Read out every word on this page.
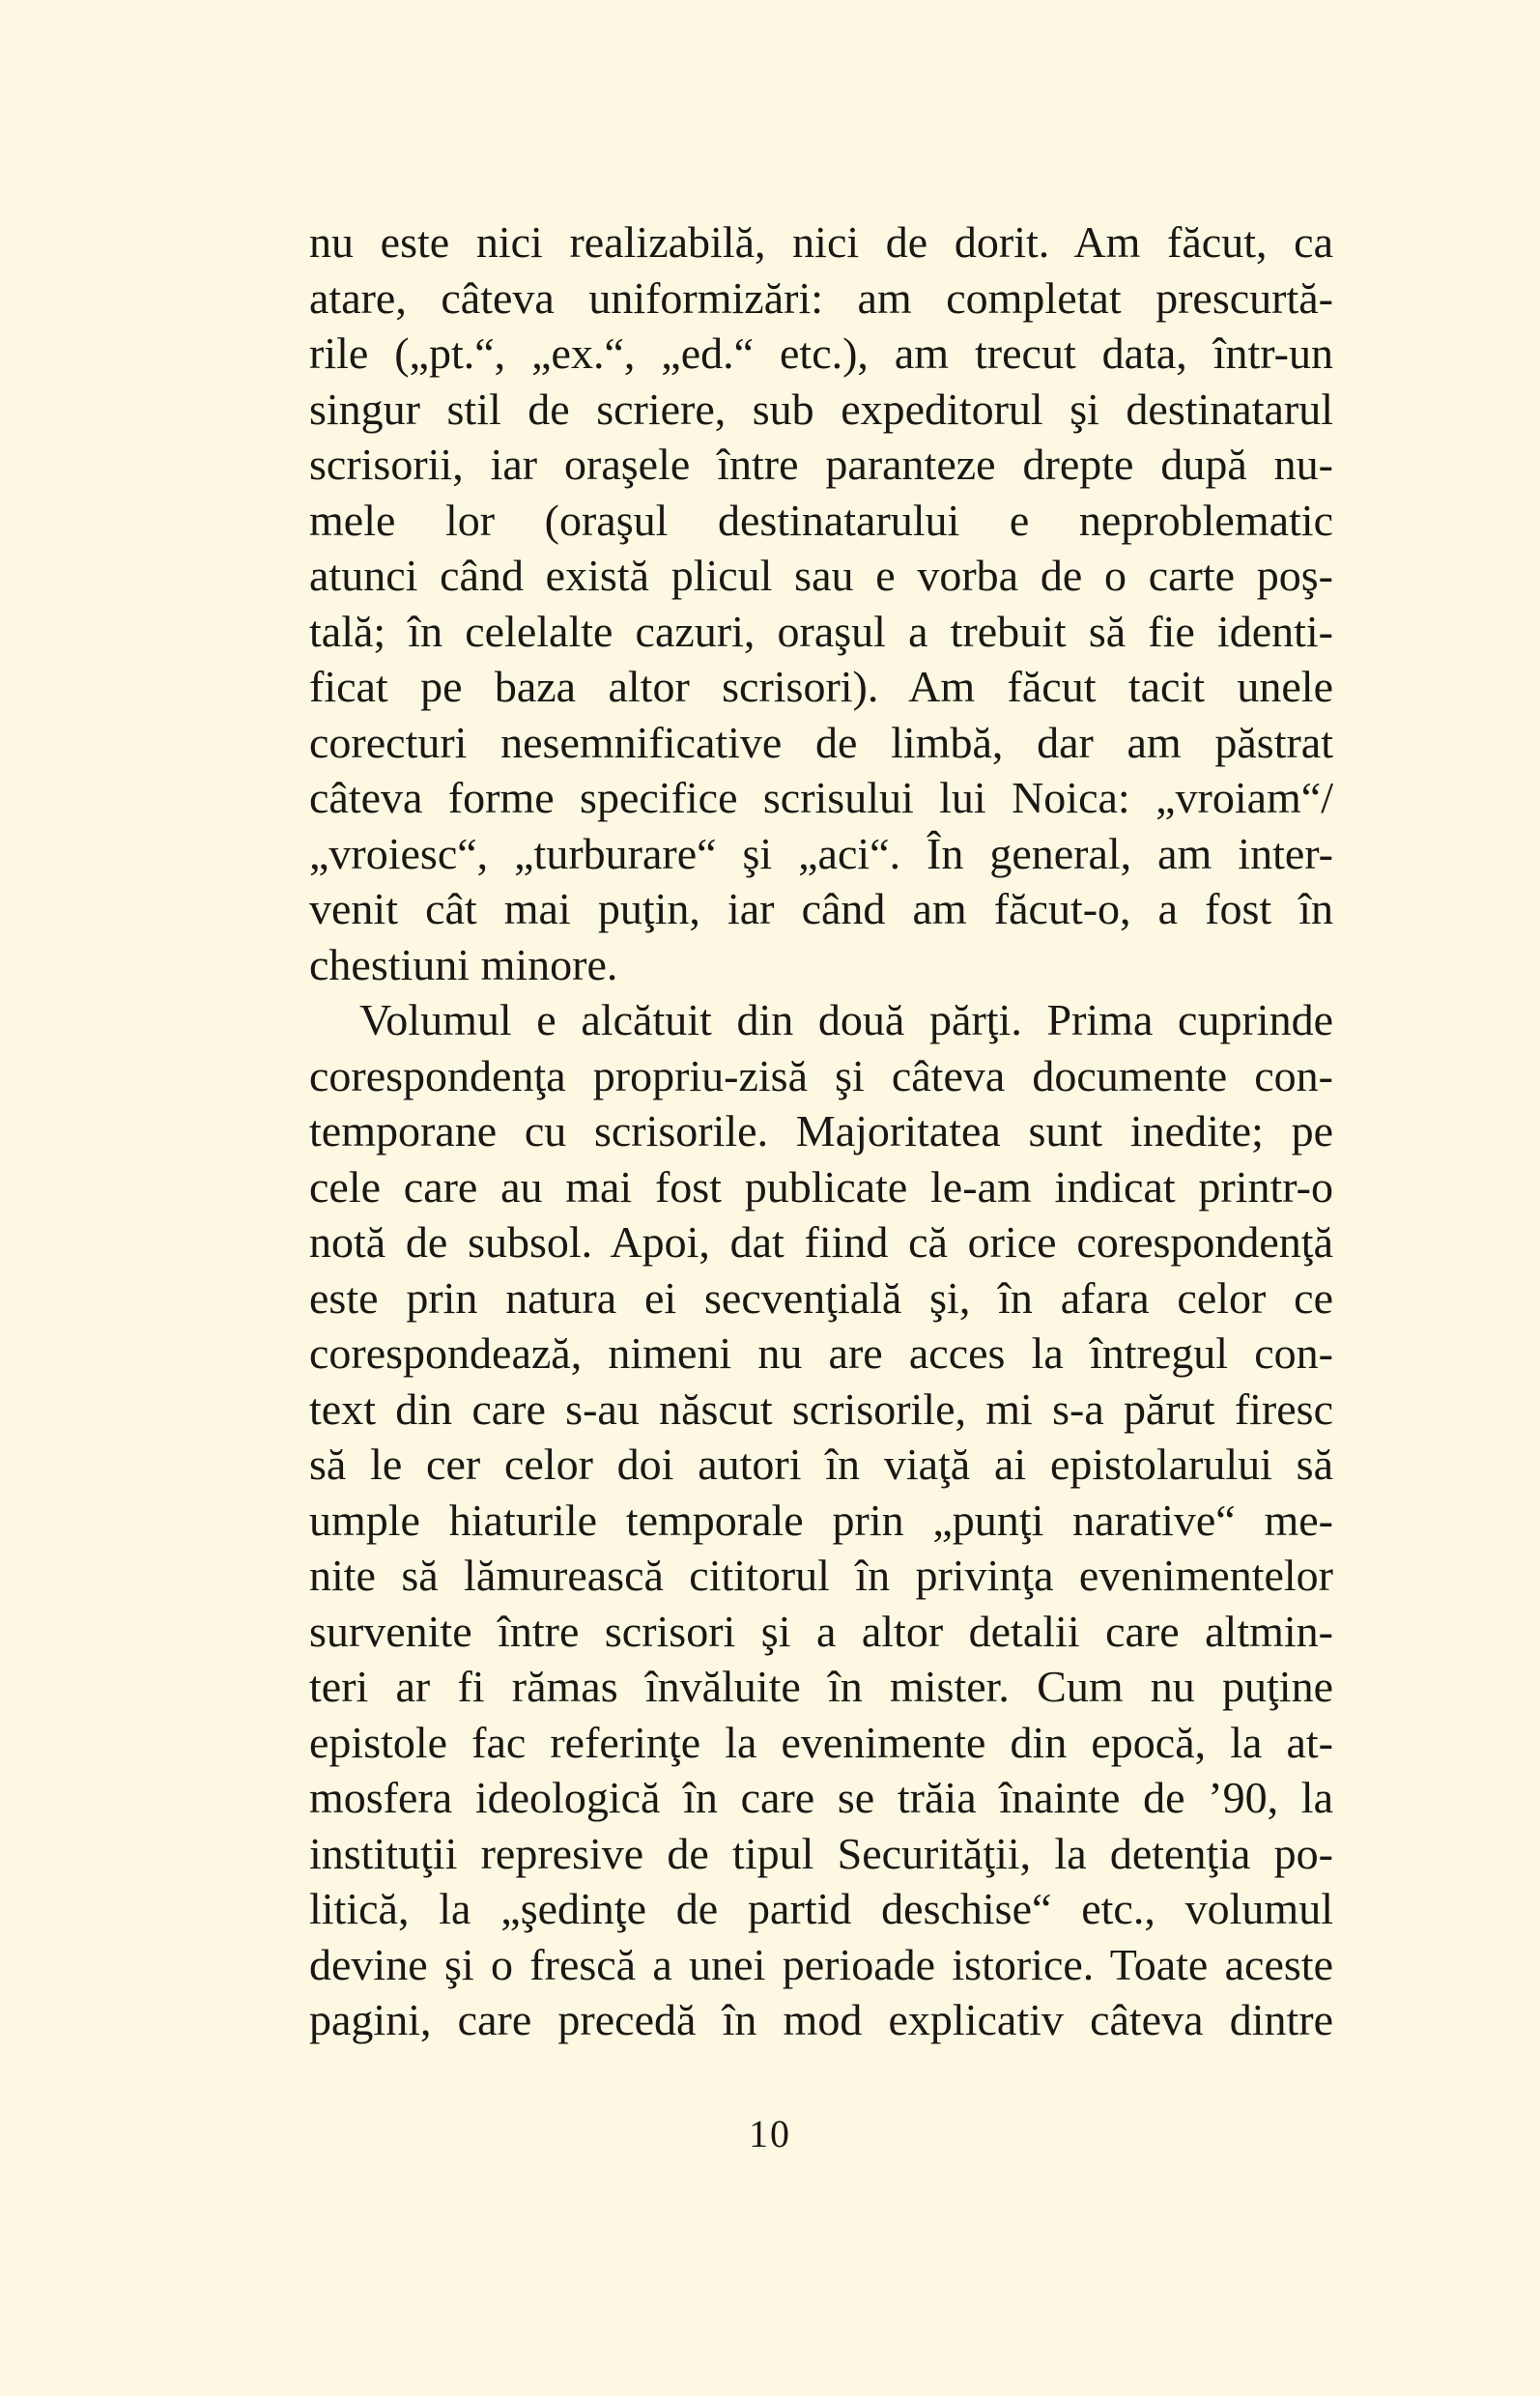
nu este nici realizabilă, nici de dorit. Am făcut, ca
atare, câteva uniformizări: am completat prescurtă-
rile („pt.“, „ex.“, „ed.“ etc.), am trecut data, într-un
singur stil de scriere, sub expeditorul şi destinatarul
scrisorii, iar oraşele între paranteze drepte după nu-
mele lor (oraşul destinatarului e neproblematic
atunci când există plicul sau e vorba de o carte poş-
tală; în celelalte cazuri, oraşul a trebuit să fie identi-
ficat pe baza altor scrisori). Am făcut tacit unele
corecturi nesemnificative de limbă, dar am păstrat
câteva forme specifice scrisului lui Noica: „vroiam“/
„vroiesc“, „turburare“ şi „aci“. În general, am inter-
venit cât mai puţin, iar când am făcut-o, a fost în
chestiuni minore.
Volumul e alcătuit din două părţi. Prima cuprinde
corespondenţa propriu-zisă şi câteva documente con-
temporane cu scrisorile. Majoritatea sunt inedite; pe
cele care au mai fost publicate le-am indicat printr-o
notă de subsol. Apoi, dat fiind că orice corespondenţă
este prin natura ei secvenţială şi, în afara celor ce
corespondează, nimeni nu are acces la întregul con-
text din care s-au născut scrisorile, mi s-a părut firesc
să le cer celor doi autori în viaţă ai epistolarului să
umple hiaturile temporale prin „punţi narative“ me-
nite să lămurească cititorul în privinţa evenimentelor
survenite între scrisori şi a altor detalii care altmin-
teri ar fi rămas învăluite în mister. Cum nu puţine
epistole fac referinţe la evenimente din epocă, la at-
mosfera ideologică în care se trăia înainte de ’90, la
instituţii represive de tipul Securităţii, la detenţia po-
litică, la „şedinţe de partid deschise“ etc., volumul
devine şi o frescă a unei perioade istorice. Toate aceste
pagini, care precedă în mod explicativ câteva dintre
10
